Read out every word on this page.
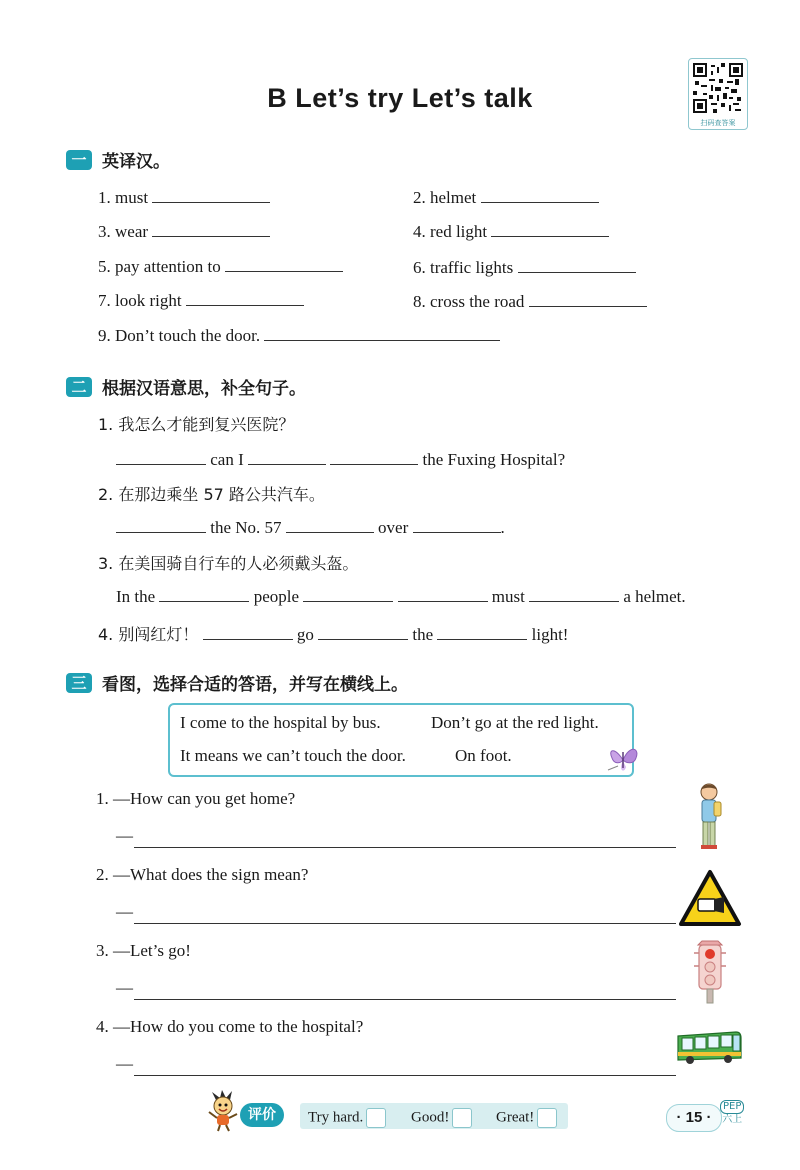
B Let’s try Let’s talk
扫码查答案
一 英译汉。
1. must	2. helmet
3. wear	4. red light
5. pay attention to	6. traffic lights
7. look right	8. cross the road
9. Don’t touch the door.
二 根据汉语意思，补全句子。
1. 我怎么才能到复兴医院？
can I	the Fuxing Hospital?
2. 在那边乘坐 57 路公共汽车。
the No. 57	over	.
3. 在美国骑自行车的人必须戴头盔。
In the	people	must	a helmet.
4. 别闯红灯！	go	the	light!
三 看图，选择合适的答语，并写在横线上。
I come to the hospital by bus.	Don’t go at the red light.
It means we can’t touch the door.	On foot.
1. —How can you get home?
—
2. —What does the sign mean?
—
3. —Let’s go!
—
4. —How do you come to the hospital?
—
评价	Try hard.	Good!	Great!	· 15 ·
PEP
六上
